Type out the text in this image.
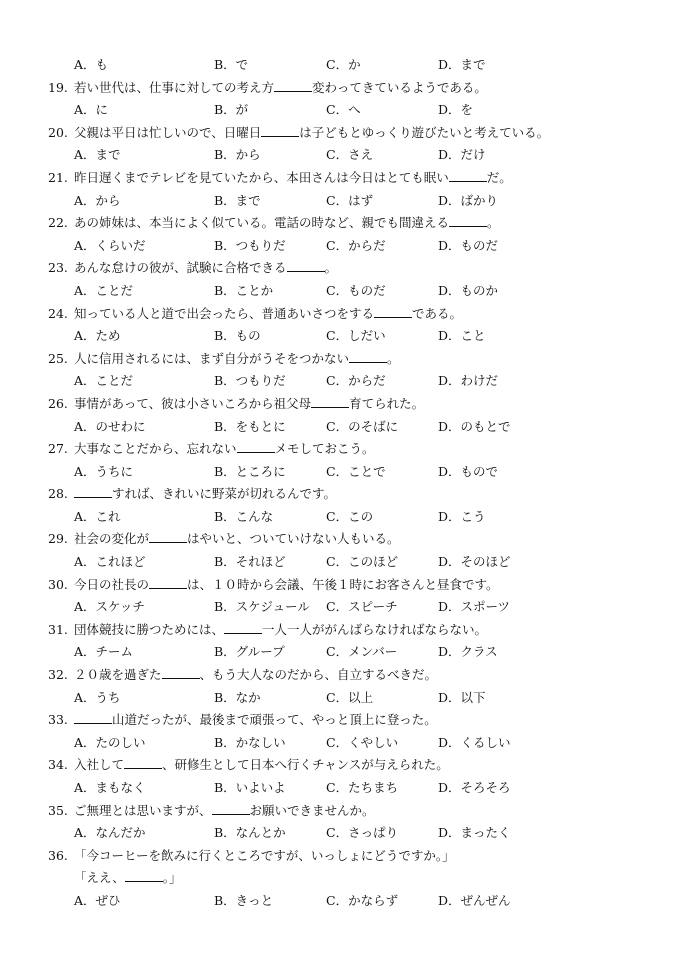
A．も	B．で	C．か	D．まで
19. 若い世代は、仕事に対しての考え方	変わってきているようである。
A．に	B．が	C．へ	D．を
20. 父親は平日は忙しいので、日曜日	は子どもとゆっくり遊びたいと考えている。
A．まで	B．から	C．さえ	D．だけ
21. 昨日遅くまでテレビを見ていたから、本田さんは今日はとても眠い	だ。
A．から	B．まで	C．はず	D．ばかり
22. あの姉妹は、本当によく似ている。電話の時など、親でも間違える	。
A．くらいだ	B．つもりだ	C．からだ	D．ものだ
23. あんな怠けの彼が、試験に合格できる	。
A．ことだ	B．ことか	C．ものだ	D．ものか
24. 知っている人と道で出会ったら、普通あいさつをする	である。
A．ため	B．もの	C．しだい	D．こと
25. 人に信用されるには、まず自分がうそをつかない	。
A．ことだ	B．つもりだ	C．からだ	D．わけだ
26. 事情があって、彼は小さいころから祖父母	育てられた。
A．のせわに	B．をもとに	C．のそばに	D．のもとで
27. 大事なことだから、忘れない	メモしておこう。
A．うちに	B．ところに	C．ことで	D．もので
28.	すれば、きれいに野菜が切れるんです。
A．これ	B．こんな	C．この	D．こう
29. 社会の変化が	はやいと、ついていけない人もいる。
A．これほど	B．それほど	C．このほど	D．そのほど
30. 今日の社長の	は、１０時から会議、午後１時にお客さんと昼食です。
A．スケッチ	B．スケジュール C．スピーチ	D．スポーツ
31. 団体競技に勝つためには、	一人一人ががんばらなければならない。
A．チーム	B．グループ	C．メンバー	D．クラス
32. ２０歳を過ぎた	、もう大人なのだから、自立するべきだ。
A．うち	B．なか	C．以上	D．以下
33.	山道だったが、最後まで頑張って、やっと頂上に登った。
A．たのしい	B．かなしい	C．くやしい	D．くるしい
34. 入社して	、研修生として日本へ行くチャンスが与えられた。
A．まもなく	B．いよいよ	C．たちまち	D．そろそろ
35. ご無理とは思いますが、	お願いできませんか。
A．なんだか	B．なんとか	C．さっぱり	D．まったく
36. 「今コーヒーを飲みに行くところですが、いっしょにどうですか。」
「ええ、	。」
A．ぜひ	B．きっと	C．かならず	D．ぜんぜん
